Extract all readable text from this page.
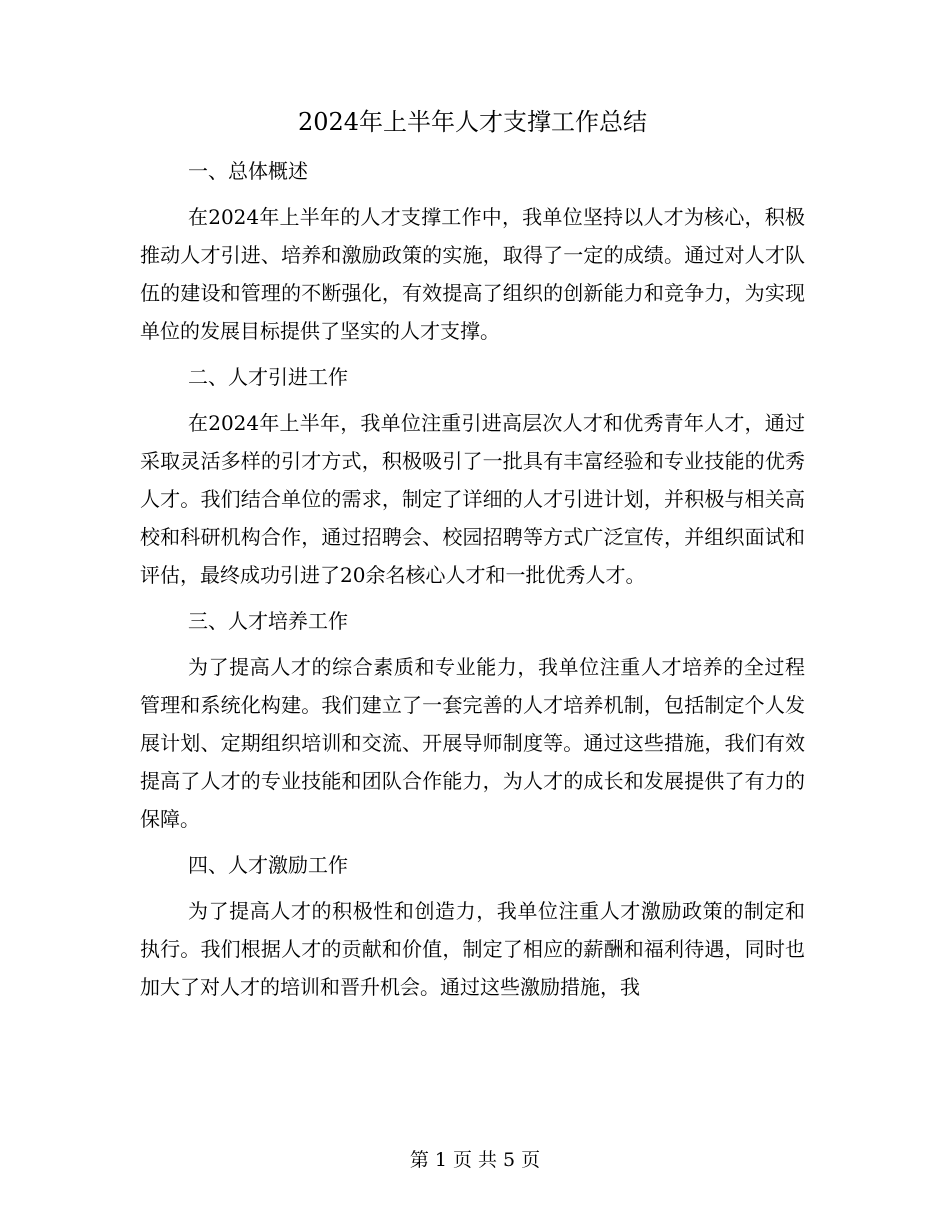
2024年上半年人才支撑工作总结

一、总体概述

在2024年上半年的人才支撑工作中，我单位坚持以人才为核心，积极推动人才引进、培养和激励政策的实施，取得了一定的成绩。通过对人才队伍的建设和管理的不断强化，有效提高了组织的创新能力和竞争力，为实现单位的发展目标提供了坚实的人才支撑。

二、人才引进工作

在2024年上半年，我单位注重引进高层次人才和优秀青年人才，通过采取灵活多样的引才方式，积极吸引了一批具有丰富经验和专业技能的优秀人才。我们结合单位的需求，制定了详细的人才引进计划，并积极与相关高校和科研机构合作，通过招聘会、校园招聘等方式广泛宣传，并组织面试和评估，最终成功引进了20余名核心人才和一批优秀人才。

三、人才培养工作

为了提高人才的综合素质和专业能力，我单位注重人才培养的全过程管理和系统化构建。我们建立了一套完善的人才培养机制，包括制定个人发展计划、定期组织培训和交流、开展导师制度等。通过这些措施，我们有效提高了人才的专业技能和团队合作能力，为人才的成长和发展提供了有力的保障。

四、人才激励工作

为了提高人才的积极性和创造力，我单位注重人才激励政策的制定和执行。我们根据人才的贡献和价值，制定了相应的薪酬和福利待遇，同时也加大了对人才的培训和晋升机会。通过这些激励措施，我

第 1 页 共 5 页
